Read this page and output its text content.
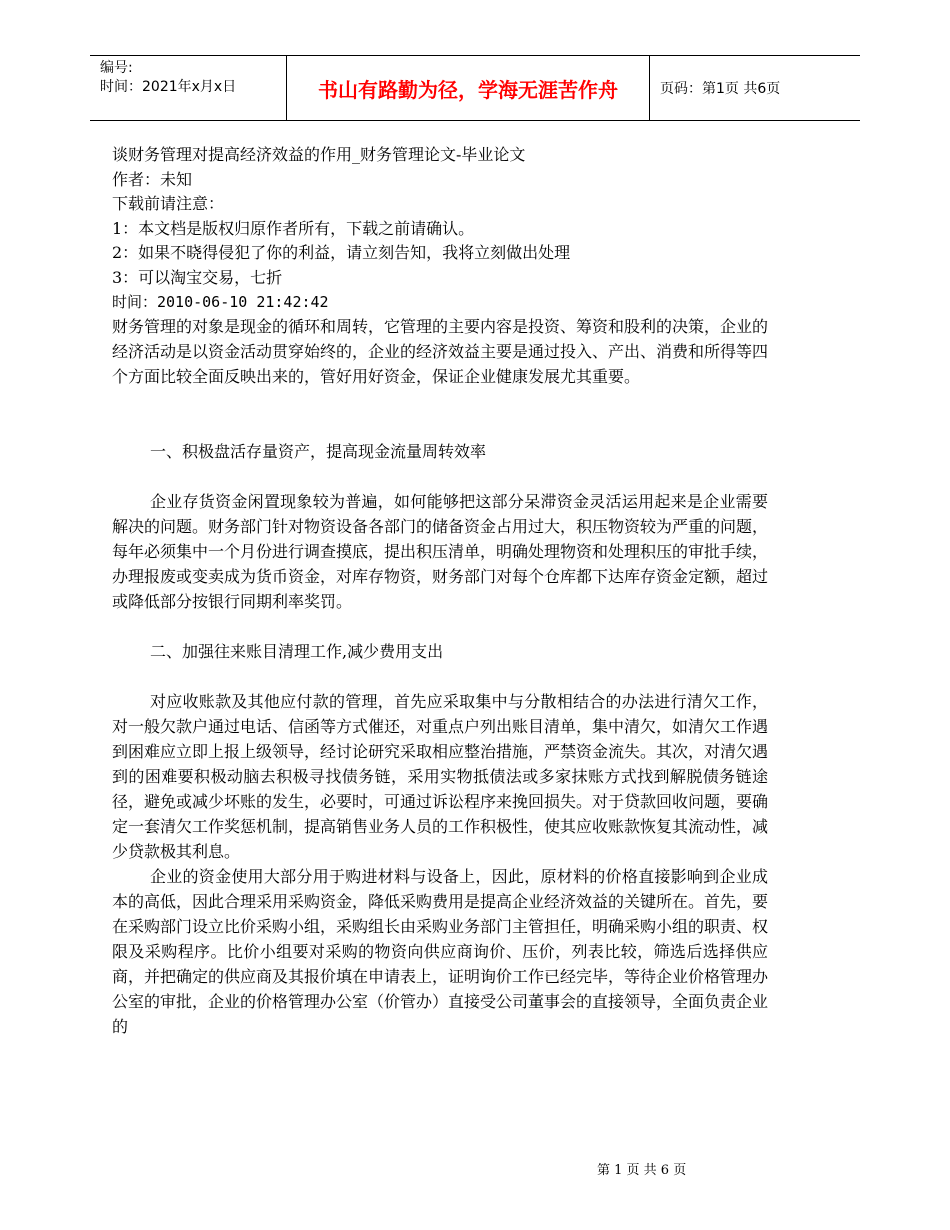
编号:
时间：2021年x月x日	书山有路勤为径，学海无涯苦作舟	页码：第1页 共6页
谈财务管理对提高经济效益的作用_财务管理论文-毕业论文
作者：未知
下载前请注意：
1：本文档是版权归原作者所有，下载之前请确认。
2：如果不晓得侵犯了你的利益，请立刻告知，我将立刻做出处理
3：可以淘宝交易，七折
时间：2010-06-10 21:42:42

财务管理的对象是现金的循环和周转，它管理的主要内容是投资、筹资和股利的决策，企业的经济活动是以资金活动贯穿始终的，企业的经济效益主要是通过投入、产出、消费和所得等四个方面比较全面反映出来的，管好用好资金，保证企业健康发展尤其重要。

一、积极盘活存量资产，提高现金流量周转效率

企业存货资金闲置现象较为普遍，如何能够把这部分呆滞资金灵活运用起来是企业需要解决的问题。财务部门针对物资设备各部门的储备资金占用过大，积压物资较为严重的问题，每年必须集中一个月份进行调查摸底，提出积压清单，明确处理物资和处理积压的审批手续，办理报废或变卖成为货币资金，对库存物资，财务部门对每个仓库都下达库存资金定额，超过或降低部分按银行同期利率奖罚。

二、加强往来账目清理工作,减少费用支出

对应收账款及其他应付款的管理，首先应采取集中与分散相结合的办法进行清欠工作，对一般欠款户通过电话、信函等方式催还，对重点户列出账目清单，集中清欠，如清欠工作遇到困难应立即上报上级领导，经讨论研究采取相应整治措施，严禁资金流失。其次，对清欠遇到的困难要积极动脑去积极寻找债务链，采用实物抵债法或多家抹账方式找到解脱债务链途径，避免或减少坏账的发生，必要时，可通过诉讼程序来挽回损失。对于贷款回收问题，要确定一套清欠工作奖惩机制，提高销售业务人员的工作积极性，使其应收账款恢复其流动性，减少贷款极其利息。

企业的资金使用大部分用于购进材料与设备上，因此，原材料的价格直接影响到企业成本的高低，因此合理采用采购资金，降低采购费用是提高企业经济效益的关键所在。首先，要在采购部门设立比价采购小组，采购组长由采购业务部门主管担任，明确采购小组的职责、权限及采购程序。比价小组要对采购的物资向供应商询价、压价，列表比较，筛选后选择供应商，并把确定的供应商及其报价填在申请表上，证明询价工作已经完毕，等待企业价格管理办公室的审批，企业的价格管理办公室（价管办）直接受公司董事会的直接领导，全面负责企业的

第 1 页 共 6 页
